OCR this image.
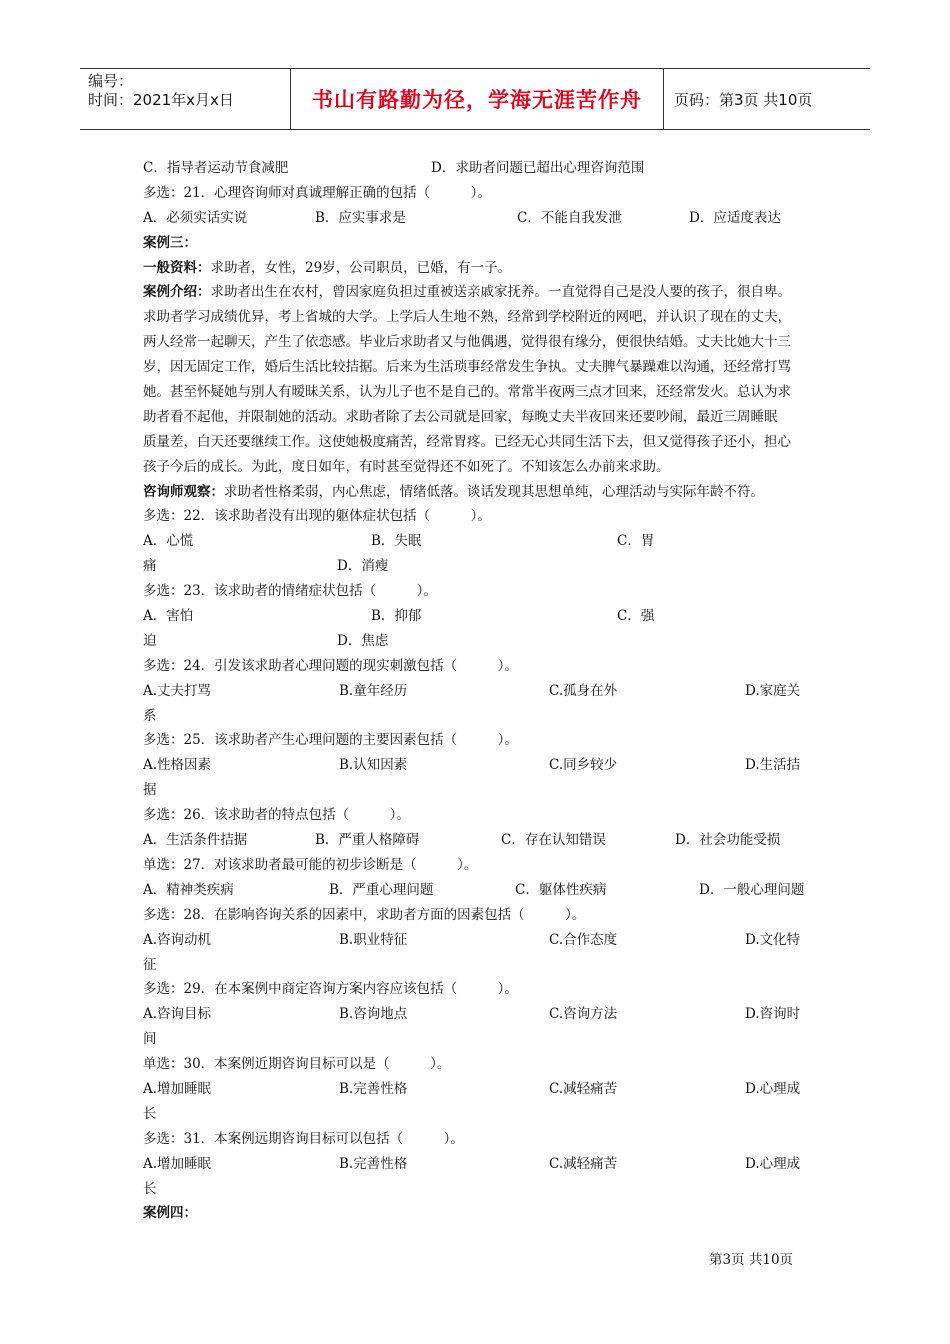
编号：
时间：2021年x月x日	书山有路勤为径，学海无涯苦作舟	页码：第3页 共10页
C．指导者运动节食减肥	D．求助者问题已超出心理咨询范围
多选：21．心理咨询师对真诚理解正确的包括（　　　）。
A．必须实话实说	B．应实事求是	C．不能自我发泄	D．应适度表达
案例三：
一般资料：求助者，女性，29岁，公司职员，已婚，有一子。
案例介绍：求助者出生在农村，曾因家庭负担过重被送亲戚家抚养。一直觉得自己是没人要的孩子，很自卑。
求助者学习成绩优异，考上省城的大学。上学后人生地不熟，经常到学校附近的网吧，并认识了现在的丈夫，
两人经常一起聊天，产生了依恋感。毕业后求助者又与他偶遇，觉得很有缘分，便很快结婚。丈夫比她大十三
岁，因无固定工作，婚后生活比较拮据。后来为生活琐事经常发生争执。丈夫脾气暴躁难以沟通，还经常打骂
她。甚至怀疑她与别人有暧昧关系，认为儿子也不是自己的。常常半夜两三点才回来，还经常发火。总认为求
助者看不起他，并限制她的活动。求助者除了去公司就是回家，每晚丈夫半夜回来还要吵闹，最近三周睡眠
质量差，白天还要继续工作。这使她极度痛苦，经常胃疼。已经无心共同生活下去，但又觉得孩子还小，担心
孩子今后的成长。为此，度日如年，有时甚至觉得还不如死了。不知该怎么办前来求助。
咨询师观察：求助者性格柔弱，内心焦虑，情绪低落。谈话发现其思想单纯，心理活动与实际年龄不符。
多选：22．该求助者没有出现的躯体症状包括（　　　）。
A．心慌	B．失眠	C．胃
痛	D．消瘦
多选：23．该求助者的情绪症状包括（　　　）。
A．害怕	B．抑郁	C．强
迫	D．焦虑
多选：24．引发该求助者心理问题的现实刺激包括（　　　）。
A.丈夫打骂	B.童年经历	C.孤身在外	D.家庭关
系
多选：25．该求助者产生心理问题的主要因素包括（　　　）。
A.性格因素	B.认知因素	C.同乡较少	D.生活拮
据
多选：26．该求助者的特点包括（　　　）。
A．生活条件拮据	B．严重人格障碍	C．存在认知错误	D．社会功能受损
单选：27．对该求助者最可能的初步诊断是（　　　）。
A．精神类疾病	B．严重心理问题	C．躯体性疾病	D．一般心理问题
多选：28．在影响咨询关系的因素中，求助者方面的因素包括（　　　）。
A.咨询动机	B.职业特征	C.合作态度	D.文化特
征
多选：29．在本案例中商定咨询方案内容应该包括（　　　）。
A.咨询目标	B.咨询地点	C.咨询方法	D.咨询时
间
单选：30．本案例近期咨询目标可以是（　　　）。
A.增加睡眠	B.完善性格	C.减轻痛苦	D.心理成
长
多选：31．本案例远期咨询目标可以包括（　　　）。
A.增加睡眠	B.完善性格	C.减轻痛苦	D.心理成
长
案例四：
第3页 共10页
